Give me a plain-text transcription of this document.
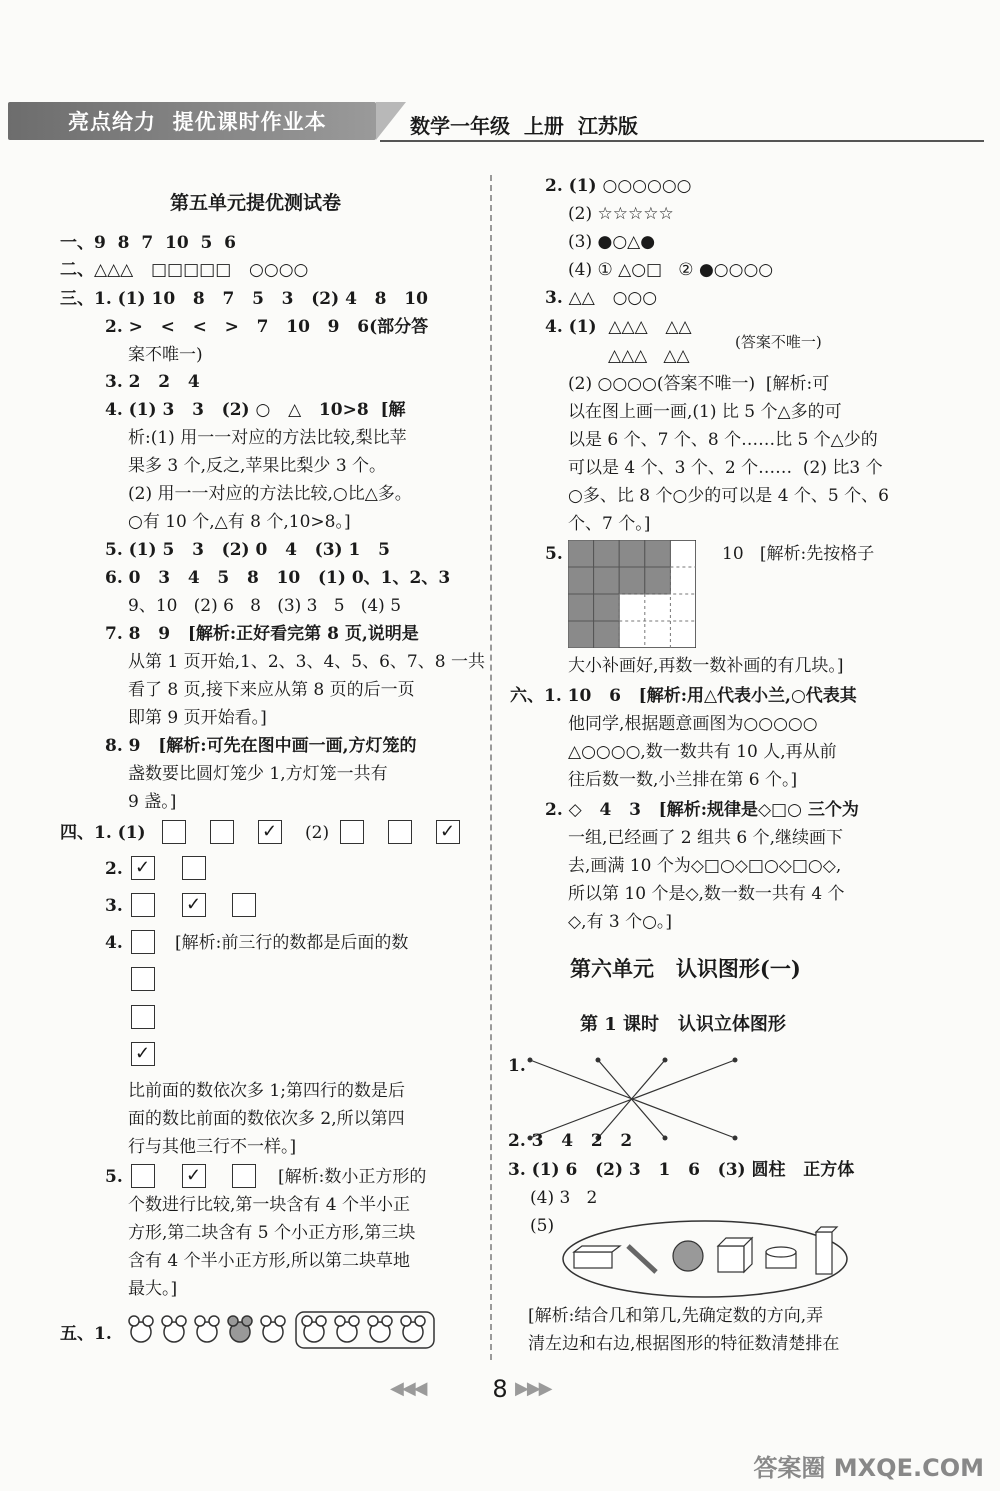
亮点给力  提优课时作业本	数学一年级  上册  江苏版
第五单元提优测试卷
一、9  8  7  10  5  6
二、△△△   □□□□□   ○○○○
三、1. (1) 10   8   7   5   3   (2) 4   8   10
2. >   <   <   >   7   10   9   6(部分答
案不唯一)
3. 2   2   4
4. (1) 3   3   (2) ○   △   10>8  [解
析:(1) 用一一对应的方法比较,梨比苹
果多 3 个,反之,苹果比梨少 3 个。
(2) 用一一对应的方法比较,○比△多。
○有 10 个,△有 8 个,10>8。]
5. (1) 5   3   (2) 0   4   (3) 1   5
6. 0   3   4   5   8   10   (1) 0、1、2、3
9、10   (2) 6   8   (3) 3   5   (4) 5
7. 8   9   [解析:正好看完第 8 页,说明是
从第 1 页开始,1、2、3、4、5、6、7、8 一共
看了 8 页,接下来应从第 8 页的后一页
即第 9 页开始看。]
8. 9   [解析:可先在图中画一画,方灯笼的
盏数要比圆灯笼少 1,方灯笼一共有
9 盏。]
四、1. (1)	✓ (2)	✓
2. ✓
3.	✓
4.	[解析:前三行的数都是后面的数
✓
比前面的数依次多 1;第四行的数是后
面的数比前面的数依次多 2,所以第四
行与其他三行不一样。]
5.	✓	[解析:数小正方形的
个数进行比较,第一块含有 4 个半小正
方形,第二块含有 5 个小正方形,第三块
含有 4 个半小正方形,所以第二块草地
最大。]
五、1.
2. (1) ○○○○○○
(2) ☆☆☆☆☆
(3) ●○△●
(4) ① △○□   ② ●○○○○
3. △△   ○○○
4. (1)  △△△   △△
△△△   △△
(答案不唯一)
(2) ○○○○(答案不唯一)  [解析:可
以在图上画一画,(1) 比 5 个△多的可
以是 6 个、7 个、8 个……比 5 个△少的
可以是 4 个、3 个、2 个……  (2) 比3 个
○多、比 8 个○少的可以是 4 个、5 个、6
个、7 个。]
5.	10   [解析:先按格子
大小补画好,再数一数补画的有几块。]
六、1. 10   6   [解析:用△代表小兰,○代表其
他同学,根据题意画图为○○○○○
△○○○○,数一数共有 10 人,再从前
往后数一数,小兰排在第 6 个。]
2. ◇   4   3   [解析:规律是◇□○ 三个为
一组,已经画了 2 组共 6 个,继续画下
去,画满 10 个为◇□○◇□○◇□○◇,
所以第 10 个是◇,数一数一共有 4 个
◇,有 3 个○。]
第六单元   认识图形(一)
第 1 课时   认识立体图形
1.
2. 3   4   2   2
3. (1) 6   (2) 3   1   6   (3) 圆柱   正方体
(4) 3   2
(5)
[解析:结合几和第几,先确定数的方向,弄
清左边和右边,根据图形的特征数清楚排在
◀◀◀	8 ▶▶▶
答案圈 MXQE.COM
